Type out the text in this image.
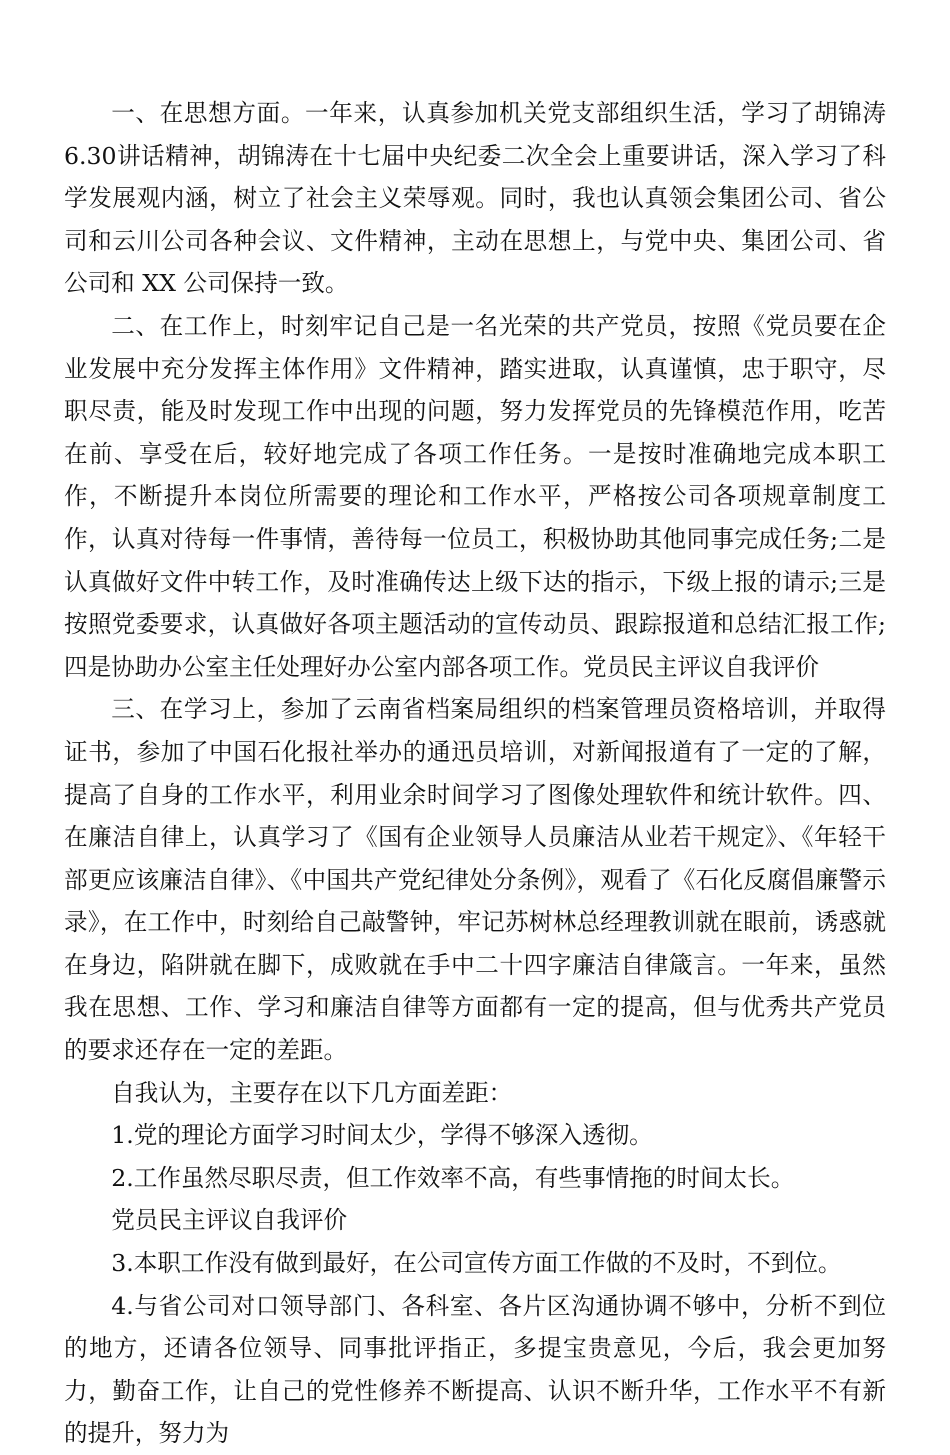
一、在思想方面。一年来，认真参加机关党支部组织生活，学习了胡锦涛 6.30讲话精神，胡锦涛在十七届中央纪委二次全会上重要讲话，深入学习了科学发展观内涵，树立了社会主义荣辱观。同时，我也认真领会集团公司、省公司和云川公司各种会议、文件精神，主动在思想上，与党中央、集团公司、省公司和 XX 公司保持一致。

二、在工作上，时刻牢记自己是一名光荣的共产党员，按照《党员要在企业发展中充分发挥主体作用》文件精神，踏实进取，认真谨慎，忠于职守，尽职尽责，能及时发现工作中出现的问题，努力发挥党员的先锋模范作用，吃苦在前、享受在后，较好地完成了各项工作任务。一是按时准确地完成本职工作，不断提升本岗位所需要的理论和工作水平，严格按公司各项规章制度工作，认真对待每一件事情，善待每一位员工，积极协助其他同事完成任务;二是认真做好文件中转工作，及时准确传达上级下达的指示，下级上报的请示;三是按照党委要求，认真做好各项主题活动的宣传动员、跟踪报道和总结汇报工作;四是协助办公室主任处理好办公室内部各项工作。党员民主评议自我评价

三、在学习上，参加了云南省档案局组织的档案管理员资格培训，并取得证书，参加了中国石化报社举办的通迅员培训，对新闻报道有了一定的了解，提高了自身的工作水平，利用业余时间学习了图像处理软件和统计软件。四、在廉洁自律上，认真学习了《国有企业领导人员廉洁从业若干规定》、《年轻干部更应该廉洁自律》、《中国共产党纪律处分条例》，观看了《石化反腐倡廉警示录》，在工作中，时刻给自己敲警钟，牢记苏树林总经理教训就在眼前，诱惑就在身边，陷阱就在脚下，成败就在手中二十四字廉洁自律箴言。一年来，虽然我在思想、工作、学习和廉洁自律等方面都有一定的提高，但与优秀共产党员的要求还存在一定的差距。

自我认为，主要存在以下几方面差距：

1.党的理论方面学习时间太少，学得不够深入透彻。

2.工作虽然尽职尽责，但工作效率不高，有些事情拖的时间太长。

党员民主评议自我评价

3.本职工作没有做到最好，在公司宣传方面工作做的不及时，不到位。

4.与省公司对口领导部门、各科室、各片区沟通协调不够中，分析不到位的地方，还请各位领导、同事批评指正，多提宝贵意见，今后，我会更加努力，勤奋工作，让自己的党性修养不断提高、认识不断升华，工作水平不有新的提升，努力为
